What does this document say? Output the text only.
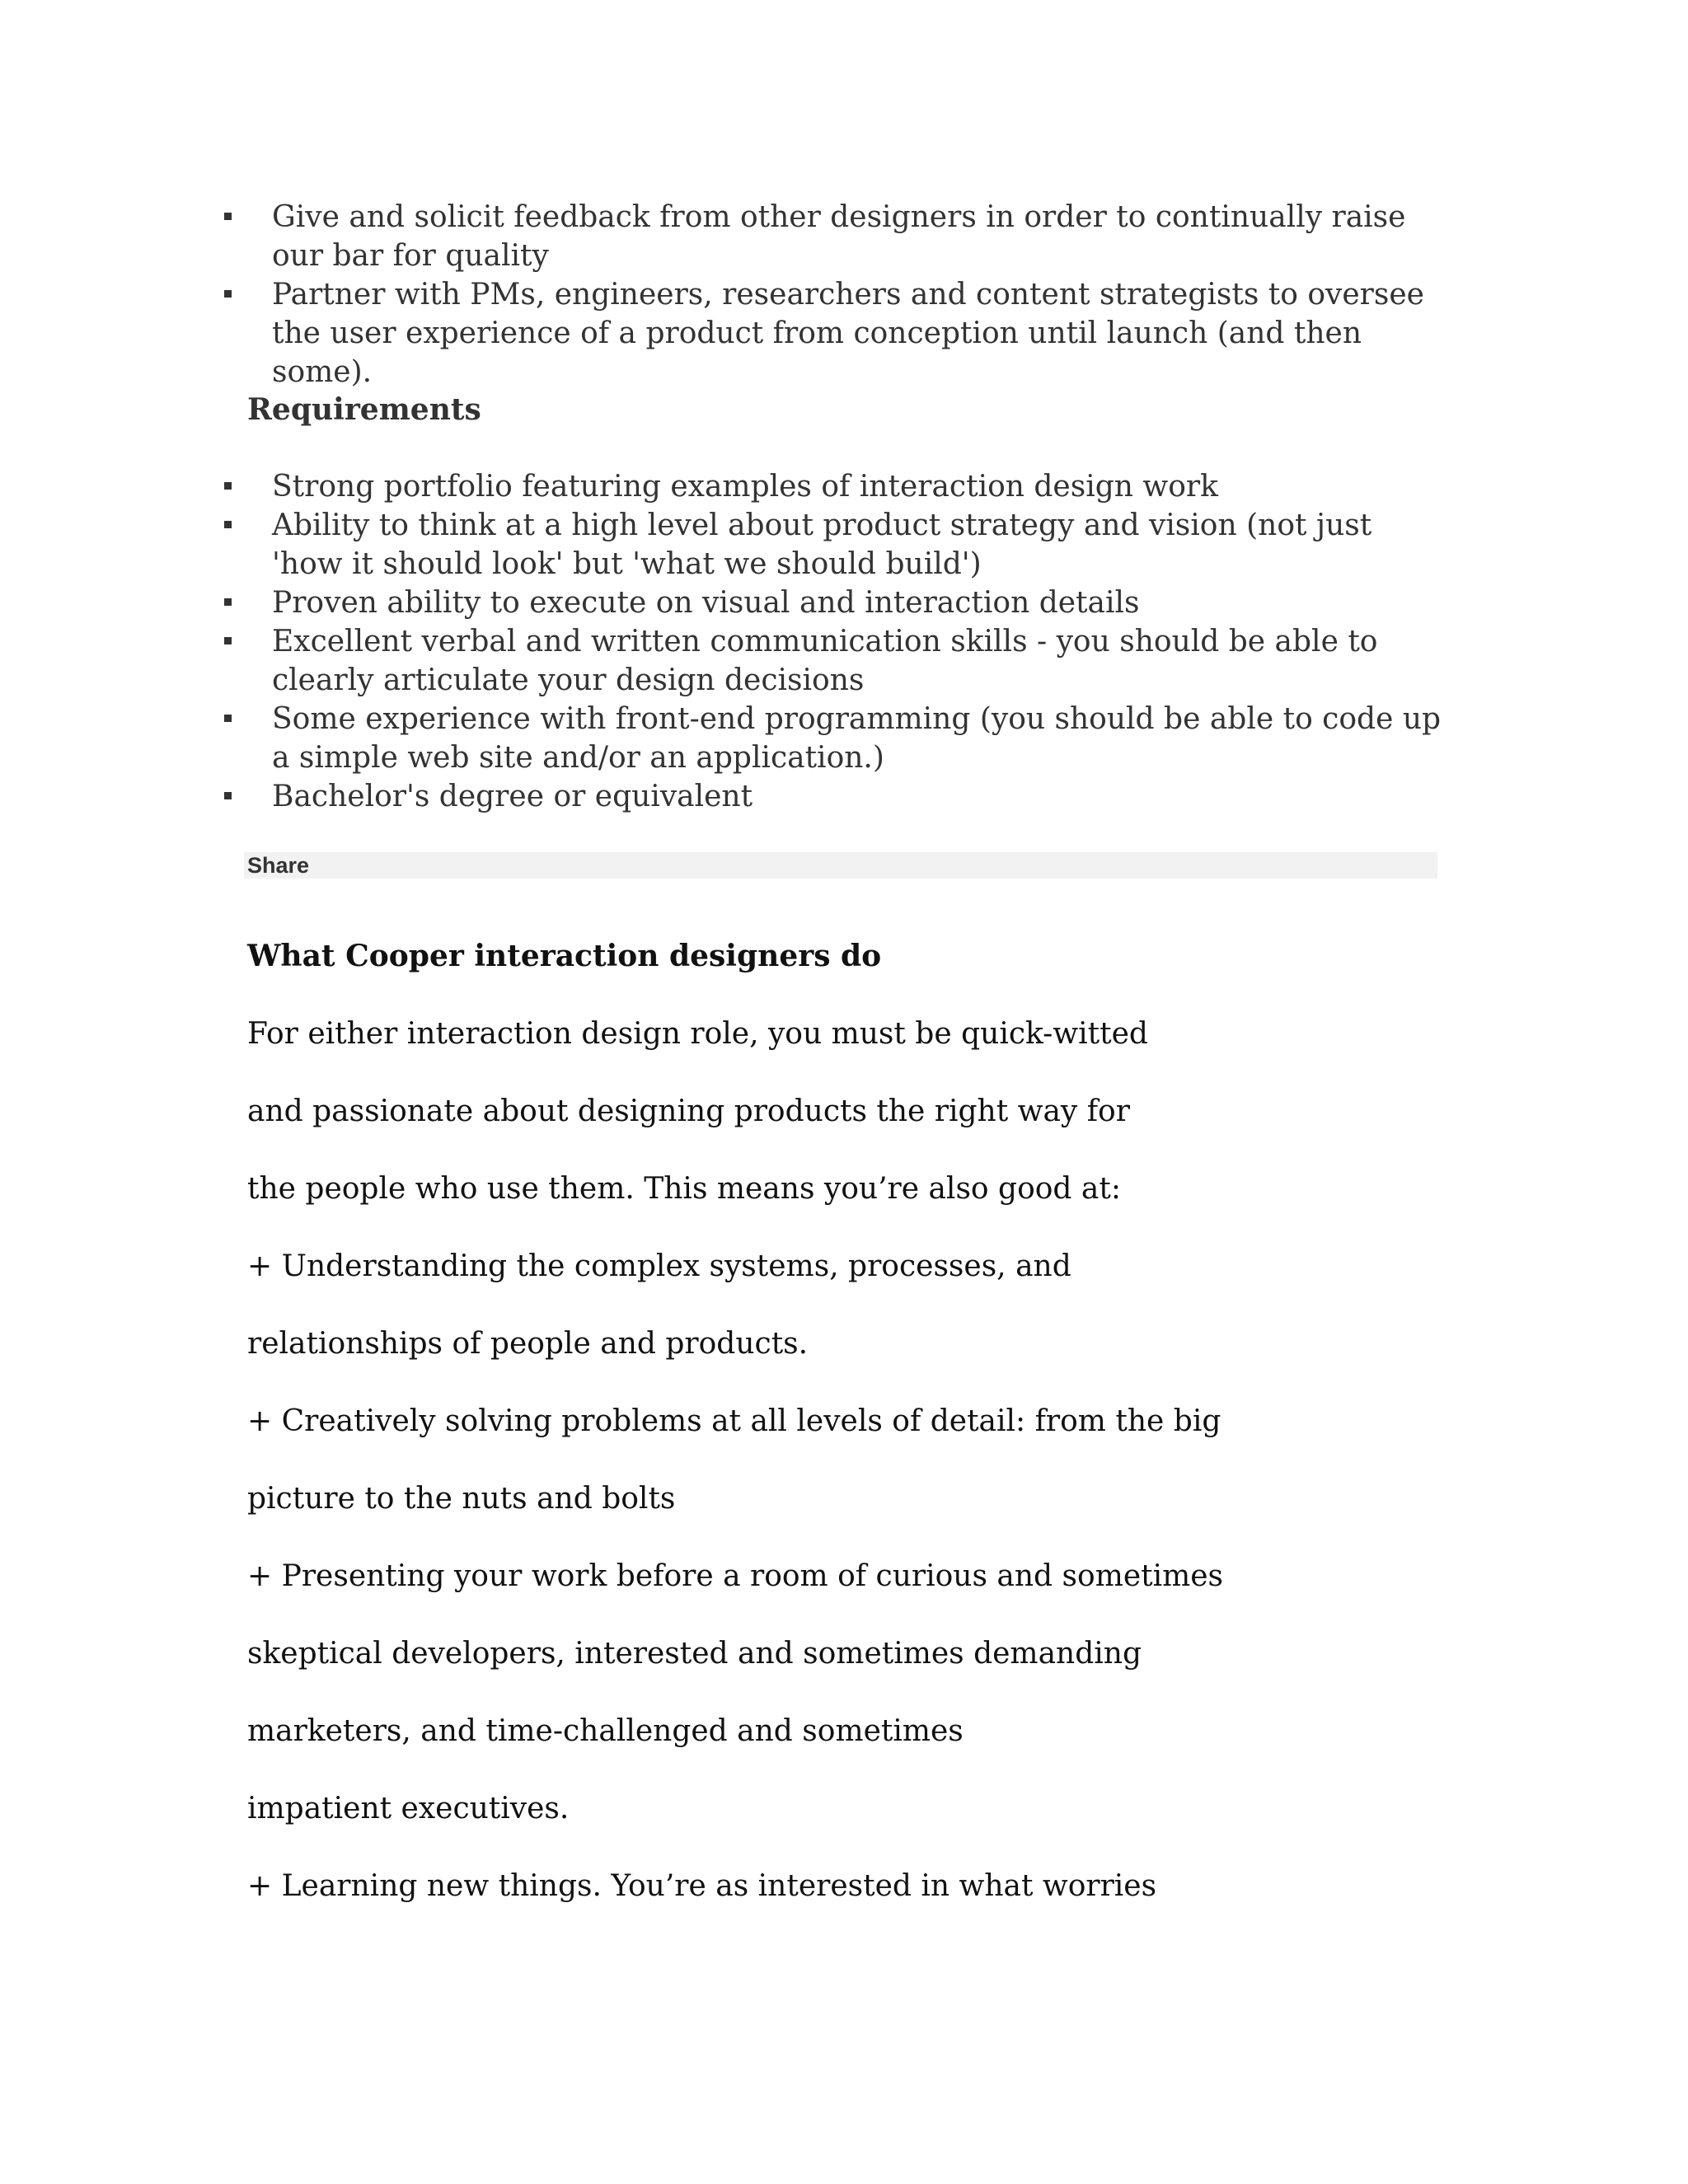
Give and solicit feedback from other designers in order to continually raise our bar for quality
Partner with PMs, engineers, researchers and content strategists to oversee the user experience of a product from conception until launch (and then some).
Requirements
Strong portfolio featuring examples of interaction design work
Ability to think at a high level about product strategy and vision (not just 'how it should look' but 'what we should build')
Proven ability to execute on visual and interaction details
Excellent verbal and written communication skills - you should be able to clearly articulate your design decisions
Some experience with front-end programming (you should be able to code up a simple web site and/or an application.)
Bachelor's degree or equivalent
Share
What Cooper interaction designers do
For either interaction design role, you must be quick-witted
and passionate about designing products the right way for
the people who use them. This means you’re also good at:
+ Understanding the complex systems, processes, and
relationships of people and products.
+ Creatively solving problems at all levels of detail: from the big
picture to the nuts and bolts
+ Presenting your work before a room of curious and sometimes
skeptical developers, interested and sometimes demanding
marketers, and time-challenged and sometimes
impatient executives.
+ Learning new things. You’re as interested in what worries
